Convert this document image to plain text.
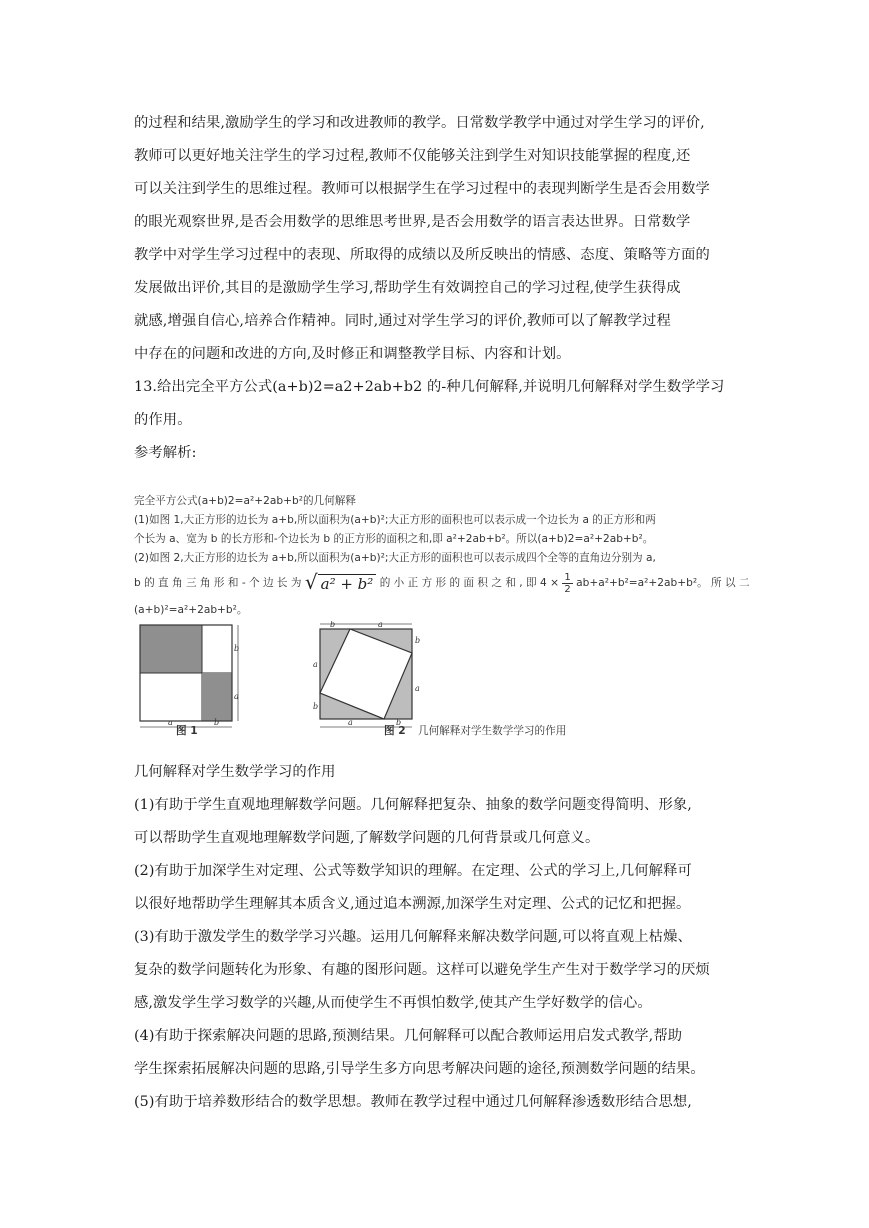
的过程和结果,激励学生的学习和改进教师的教学。日常数学教学中通过对学生学习的评价,
教师可以更好地关注学生的学习过程,教师不仅能够关注到学生对知识技能掌握的程度,还
可以关注到学生的思维过程。教师可以根据学生在学习过程中的表现判断学生是否会用数学
的眼光观察世界,是否会用数学的思维思考世界,是否会用数学的语言表达世界。日常数学
教学中对学生学习过程中的表现、所取得的成绩以及所反映出的情感、态度、策略等方面的
发展做出评价,其目的是激励学生学习,帮助学生有效调控自己的学习过程,使学生获得成
就感,增强自信心,培养合作精神。同时,通过对学生学习的评价,教师可以了解教学过程
中存在的问题和改进的方向,及时修正和调整教学目标、内容和计划。
13.给出完全平方公式(a+b)2=a2+2ab+b2 的-种几何解释,并说明几何解释对学生数学学习
的作用。
参考解析:
完全平方公式(a+b)2=a²+2ab+b²的几何解释
(1)如图 1,大正方形的边长为 a+b,所以面积为(a+b)²;大正方形的面积也可以表示成一个边长为 a 的正方形和两
个长为 a、宽为 b 的长方形和-个边长为 b 的正方形的面积之和,即 a²+2ab+b²。所以(a+b)2=a²+2ab+b²。
(2)如图 2,大正方形的边长为 a+b,所以面积为(a+b)²;大正方形的面积也可以表示成四个全等的直角边分别为 a,
b 的 直 角 三 角 形 和 - 个 边 长 为 √ a² + b² 的 小 正 方 形 的 面 积 之 和 , 即 $4 \times \frac{1}{2} ab+a^2+b^2=a^2+2ab+b^2$。 所 以 二
(a+b)²=a²+2ab+b²。
b
a
a	b
图 1
b	a
a
b
b
a
a	b
图 2 几何解释对学生数学学习的作用
几何解释对学生数学学习的作用
(1)有助于学生直观地理解数学问题。几何解释把复杂、抽象的数学问题变得简明、形象,
可以帮助学生直观地理解数学问题,了解数学问题的几何背景或几何意义。
(2)有助于加深学生对定理、公式等数学知识的理解。在定理、公式的学习上,几何解释可
以很好地帮助学生理解其本质含义,通过追本溯源,加深学生对定理、公式的记忆和把握。
(3)有助于激发学生的数学学习兴趣。运用几何解释来解决数学问题,可以将直观上枯燥、
复杂的数学问题转化为形象、有趣的图形问题。这样可以避免学生产生对于数学学习的厌烦
感,激发学生学习数学的兴趣,从而使学生不再惧怕数学,使其产生学好数学的信心。
(4)有助于探索解决问题的思路,预测结果。几何解释可以配合教师运用启发式教学,帮助
学生探索拓展解决问题的思路,引导学生多方向思考解决问题的途径,预测数学问题的结果。
(5)有助于培养数形结合的数学思想。教师在教学过程中通过几何解释渗透数形结合思想,
